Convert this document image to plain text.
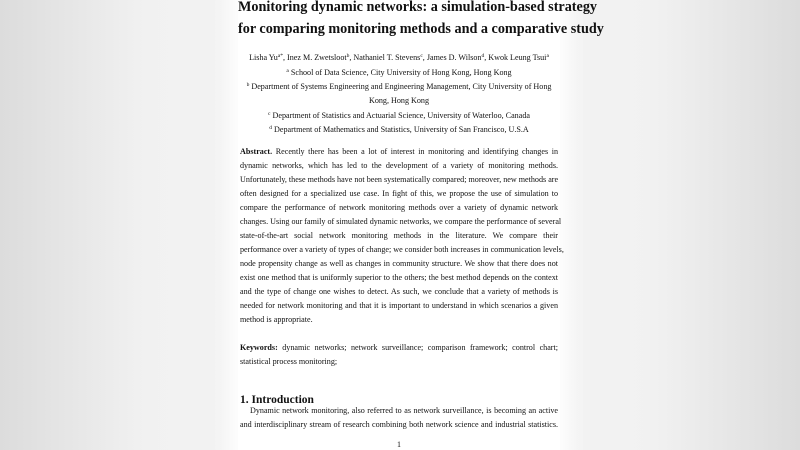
Monitoring dynamic networks: a simulation-based strategy
for comparing monitoring methods and a comparative study
Lisha $Yu^{a*}$, Inez M. Zwetsloot$^b$, Nathaniel T. Stevens$^c$, James D. Wilson$^d$, Kwok Leung Tsui$^a$
$^a$ School of Data Science, City University of Hong Kong, Hong Kong
$^b$ Department of Systems Engineering and Engineering Management, City University of Hong
Kong, Hong Kong
$^c$ Department of Statistics and Actuarial Science, University of Waterloo, Canada
$^d$ Department of Mathematics and Statistics, University of San Francisco, U.S.A
Abstract. Recently there has been a lot of interest in monitoring and identifying changes in
dynamic networks, which has led to the development of a variety of monitoring methods.
Unfortunately, these methods have not been systematically compared; moreover, new methods are
often designed for a specialized use case. In fight of this, we propose the use of simulation to
compare the performance of network monitoring methods over a variety of dynamic network
changes. Using our family of simulated dynamic networks, we compare the performance of several
state-of-the-art social network monitoring methods in the literature. We compare their
performance over a variety of types of change; we consider both increases in communication levels,
node propensity change as well as changes in community structure. We show that there does not
exist one method that is uniformly superior to the others; the best method depends on the context
and the type of change one wishes to detect. As such, we conclude that a variety of methods is
needed for network monitoring and that it is important to understand in which scenarios a given
method is appropriate.
Keywords: dynamic networks; network surveillance; comparison framework; control chart;
statistical process monitoring;
1. Introduction
Dynamic network monitoring, also referred to as network surveillance, is becoming an active
and interdisciplinary stream of research combining both network science and industrial statistics.
1
